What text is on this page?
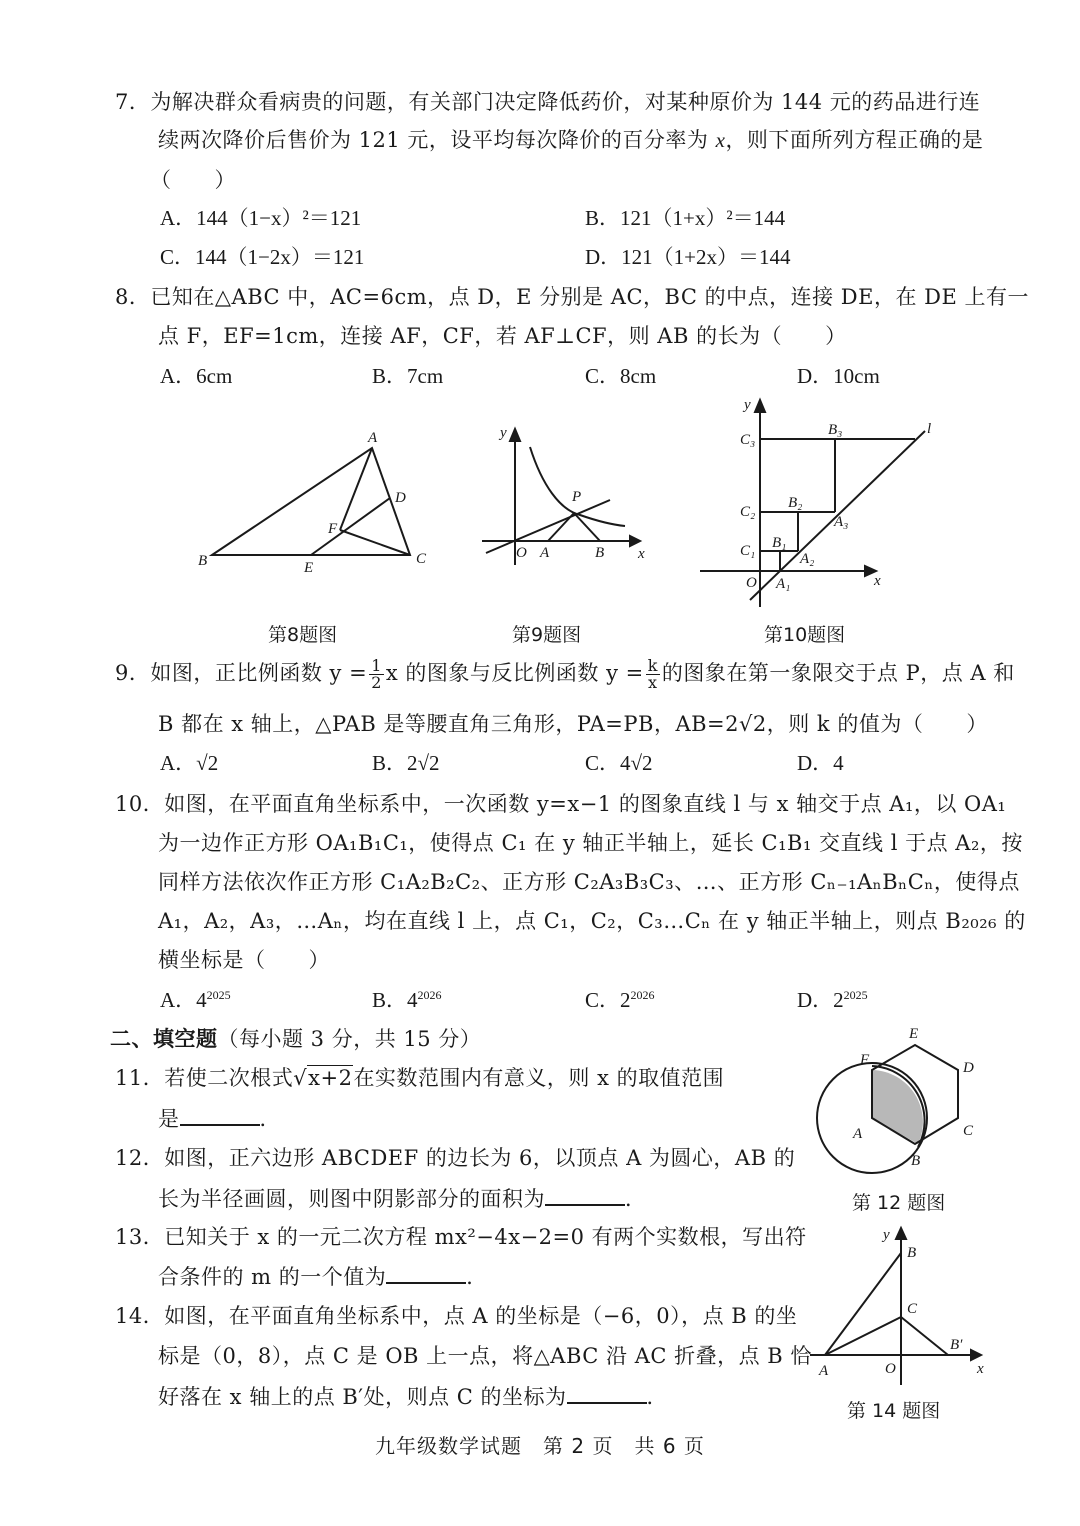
7．为解决群众看病贵的问题，有关部门决定降低药价，对某种原价为 144 元的药品进行连
续两次降价后售价为 121 元，设平均每次降价的百分率为 x，则下面所列方程正确的是
（　　）
A．144（1−x）²＝121	B．121（1+x）²＝144
C．144（1−2x）＝121	D．121（1+2x）＝144
8．已知在△ABC 中，AC=6cm，点 D，E 分别是 AC，BC 的中点，连接 DE，在 DE 上有一
点 F，EF=1cm，连接 AF，CF，若 AF⊥CF，则 AB 的长为（　　）
A．6cm	B．7cm	C．8cm	D．10cm
A
B	C
D
E
F
第8题图
y
x
O A	B
P
第9题图
y
x
O
l
C₃
C₂
C₁
B₃
B₂
B₁
A₃
A₂
A₁
第10题图
9．如图，正比例函数 $y = \frac{1}{2}$ x 的图象与反比例函数 $y = \frac{k}{x}$ 的图象在第一象限交于点 P，点 A 和
B 都在 x 轴上，△PAB 是等腰直角三角形，PA=PB，AB=2√2，则 k 的值为（　　）
A．√2	B．2√2	C．4√2	D．4
10．如图，在平面直角坐标系中，一次函数 y=x−1 的图象直线 l 与 x 轴交于点 A₁，以 OA₁
为一边作正方形 OA₁B₁C₁，使得点 C₁ 在 y 轴正半轴上，延长 C₁B₁ 交直线 l 于点 A₂，按
同样方法依次作正方形 C₁A₂B₂C₂、正方形 C₂A₃B₃C₃、…、正方形 Cₙ₋₁AₙBₙCₙ，使得点
A₁，A₂，A₃，…Aₙ，均在直线 l 上，点 C₁，C₂，C₃…Cₙ 在 y 轴正半轴上，则点 B₂₀₂₆ 的
横坐标是（　　）
A．$4^{2025}$	B．$4^{2026}$	C．$2^{2026}$	D．$2^{2025}$
二、填空题（每小题 3 分，共 15 分）
11．若使二次根式√x+2在实数范围内有意义，则 x 的取值范围
是	．
12．如图，正六边形 ABCDEF 的边长为 6，以顶点 A 为圆心，AB 的
长为半径画圆，则图中阴影部分的面积为	．
F
E
D
C
B
A
第 12 题图
13．已知关于 x 的一元二次方程 mx²−4x−2=0 有两个实数根，写出符
合条件的 m 的一个值为	．
14．如图，在平面直角坐标系中，点 A 的坐标是（−6，0），点 B 的坐
标是（0，8），点 C 是 OB 上一点，将△ABC 沿 AC 折叠，点 B 恰
好落在 x 轴上的点 B′处，则点 C 的坐标为	．
y
x
B
C
B′
A	O
第 14 题图
九年级数学试题　第 2 页　共 6 页
